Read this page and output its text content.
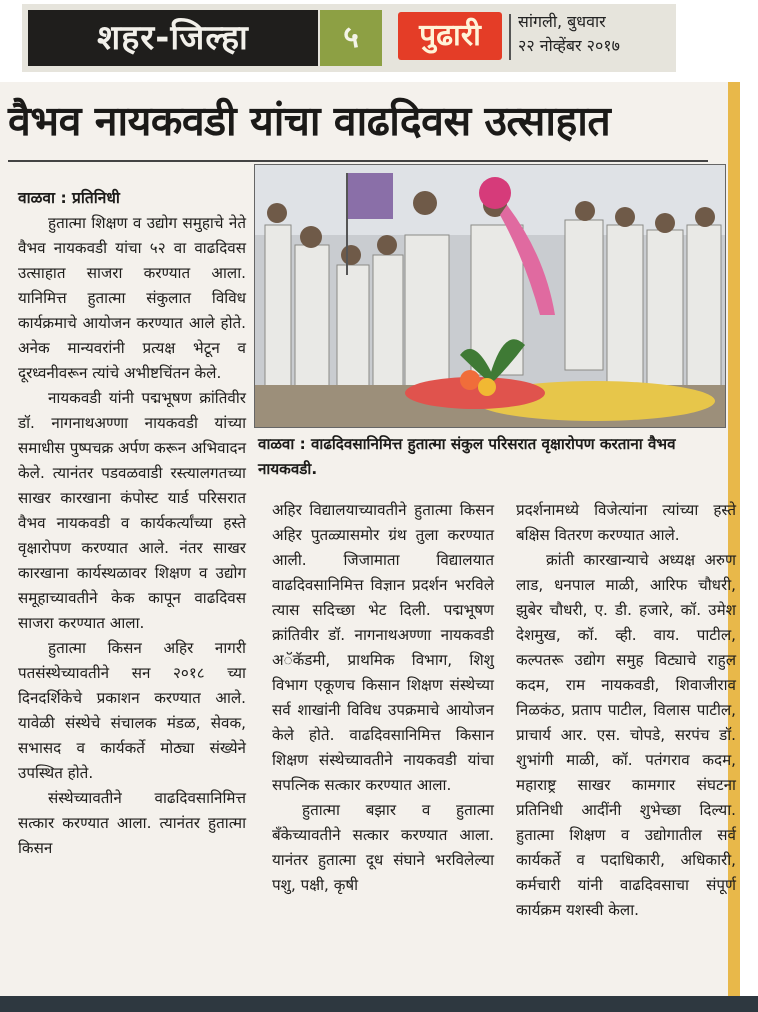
शहर-जिल्हा	५	पुढारी	सांगली, बुधवार
२२ नोव्हेंबर २०१७
वैभव नायकवडी यांचा वाढदिवस उत्साहात

वाळवा : प्रतिनिधी

हुतात्मा शिक्षण व उद्योग समुहाचे नेते वैभव नायकवडी यांचा ५२ वा वाढदिवस उत्साहात साजरा करण्यात आला. यानिमित्त हुतात्मा संकुलात विविध कार्यक्रमाचे आयोजन करण्यात आले होते. अनेक मान्यवरांनी प्रत्यक्ष भेटून व दूरध्वनीवरून त्यांचे अभीष्टचिंतन केले.

नायकवडी यांनी पद्मभूषण क्रांतिवीर डॉ. नागनाथअण्णा नायकवडी यांच्या समाधीस पुष्पचक्र अर्पण करून अभिवादन केले. त्यानंतर पडवळवाडी रस्त्यालगतच्या साखर कारखाना कंपोस्ट यार्ड परिसरात वैभव नायकवडी व कार्यकर्त्यांच्या हस्ते वृक्षारोपण करण्यात आले. नंतर साखर कारखाना कार्यस्थळावर शिक्षण व उद्योग समूहाच्यावतीने केक कापून वाढदिवस साजरा करण्यात आला.

हुतात्मा किसन अहिर नागरी पतसंस्थेच्यावतीने सन २०१८ च्या दिनदर्शिकेचे प्रकाशन करण्यात आले. यावेळी संस्थेचे संचालक मंडळ, सेवक, सभासद व कार्यकर्ते मोठ्या संख्येने उपस्थित होते.

संस्थेच्यावतीने वाढदिवसानिमित्त सत्कार करण्यात आला. त्यानंतर हुतात्मा किसन

वाळवा : वाढदिवसानिमित्त हुतात्मा संकुल परिसरात वृक्षारोपण करताना वैभव नायकवडी.

अहिर विद्यालयाच्यावतीने हुतात्मा किसन अहिर पुतळ्यासमोर ग्रंथ तुला करण्यात आली. जिजामाता विद्यालयात वाढदिवसानिमित्त विज्ञान प्रदर्शन भरविले त्यास सदिच्छा भेट दिली. पद्मभूषण क्रांतिवीर डॉ. नागनाथअण्णा नायकवडी अॅकॅडमी, प्राथमिक विभाग, शिशु विभाग एकूणच किसान शिक्षण संस्थेच्या सर्व शाखांनी विविध उपक्रमाचे आयोजन केले होते. वाढदिवसानिमित्त किसान शिक्षण संस्थेच्यावतीने नायकवडी यांचा सपत्निक सत्कार करण्यात आला.

हुतात्मा बझार व हुतात्मा बँकेच्यावतीने सत्कार करण्यात आला. यानंतर हुतात्मा दूध संघाने भरविलेल्या पशु, पक्षी, कृषी

प्रदर्शनामध्ये विजेत्यांना त्यांच्या हस्ते बक्षिस वितरण करण्यात आले.

क्रांती कारखान्याचे अध्यक्ष अरुण लाड, धनपाल माळी, आरिफ चौधरी, झुबेर चौधरी, ए. डी. हजारे, कॉ. उमेश देशमुख, कॉ. व्ही. वाय. पाटील, कल्पतरू उद्योग समुह विट्याचे राहुल कदम, राम नायकवडी, शिवाजीराव निळकंठ, प्रताप पाटील, विलास पाटील, प्राचार्य आर. एस. चोपडे, सरपंच डॉ. शुभांगी माळी, कॉ. पतंगराव कदम, महाराष्ट्र साखर कामगार संघटना प्रतिनिधी आदींनी शुभेच्छा दिल्या. हुतात्मा शिक्षण व उद्योगातील सर्व कार्यकर्ते व पदाधिकारी, अधिकारी, कर्मचारी यांनी वाढदिवसाचा संपूर्ण कार्यक्रम यशस्वी केला.
